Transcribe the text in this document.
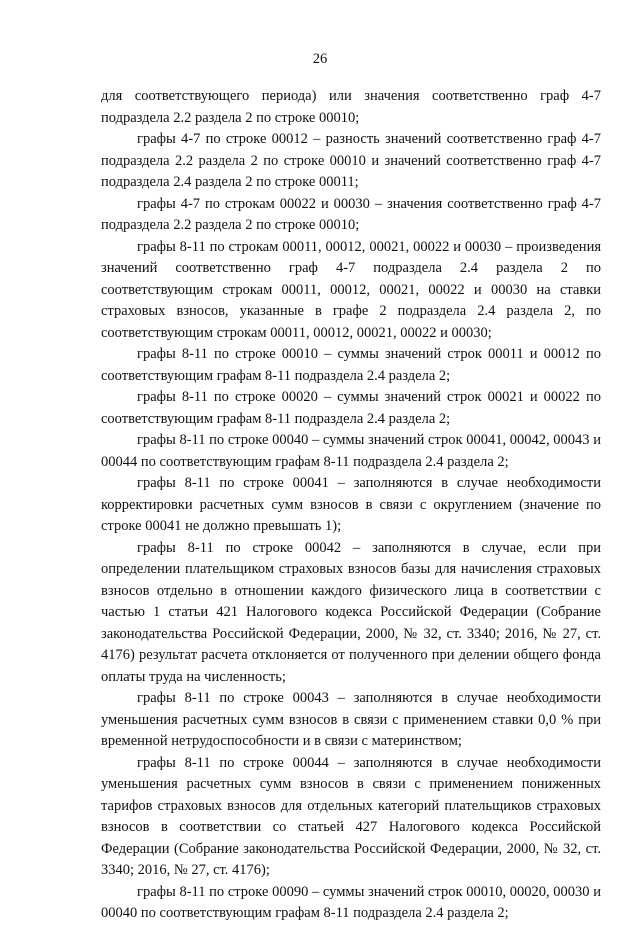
26

для соответствующего периода) или значения соответственно граф 4-7 подраздела 2.2 раздела 2 по строке 00010;

графы 4-7 по строке 00012 – разность значений соответственно граф 4-7 подраздела 2.2 раздела 2 по строке 00010 и значений соответственно граф 4-7 подраздела 2.4 раздела 2 по строке 00011;

графы 4-7 по строкам 00022 и 00030 – значения соответственно граф 4-7 подраздела 2.2 раздела 2 по строке 00010;

графы 8-11 по строкам 00011, 00012, 00021, 00022 и 00030 – произведения значений соответственно граф 4-7 подраздела 2.4 раздела 2 по соответствующим строкам 00011, 00012, 00021, 00022 и 00030 на ставки страховых взносов, указанные в графе 2 подраздела 2.4 раздела 2, по соответствующим строкам 00011, 00012, 00021, 00022 и 00030;

графы 8-11 по строке 00010 – суммы значений строк 00011 и 00012 по соответствующим графам 8-11 подраздела 2.4 раздела 2;

графы 8-11 по строке 00020 – суммы значений строк 00021 и 00022 по соответствующим графам 8-11 подраздела 2.4 раздела 2;

графы 8-11 по строке 00040 – суммы значений строк 00041, 00042, 00043 и 00044 по соответствующим графам 8-11 подраздела 2.4 раздела 2;

графы 8-11 по строке 00041 – заполняются в случае необходимости корректировки расчетных сумм взносов в связи с округлением (значение по строке 00041 не должно превышать 1);

графы 8-11 по строке 00042 – заполняются в случае, если при определении плательщиком страховых взносов базы для начисления страховых взносов отдельно в отношении каждого физического лица в соответствии с частью 1 статьи 421 Налогового кодекса Российской Федерации (Собрание законодательства Российской Федерации, 2000, № 32, ст. 3340; 2016, № 27, ст. 4176) результат расчета отклоняется от полученного при делении общего фонда оплаты труда на численность;

графы 8-11 по строке 00043 – заполняются в случае необходимости уменьшения расчетных сумм взносов в связи с применением ставки 0,0 % при временной нетрудоспособности и в связи с материнством;

графы 8-11 по строке 00044 – заполняются в случае необходимости уменьшения расчетных сумм взносов в связи с применением пониженных тарифов страховых взносов для отдельных категорий плательщиков страховых взносов в соответствии со статьей 427 Налогового кодекса Российской Федерации (Собрание законодательства Российской Федерации, 2000, № 32, ст. 3340; 2016, № 27, ст. 4176);

графы 8-11 по строке 00090 – суммы значений строк 00010, 00020, 00030 и 00040 по соответствующим графам 8-11 подраздела 2.4 раздела 2;
